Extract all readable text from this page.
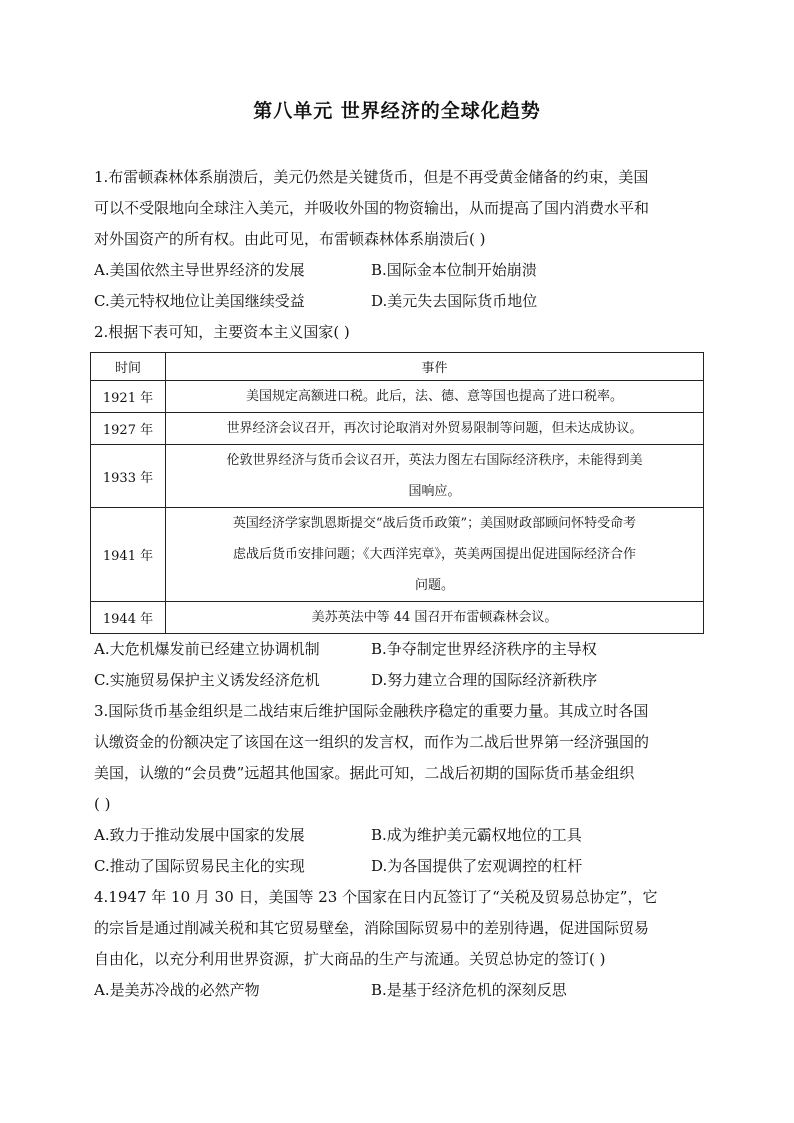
第八单元 世界经济的全球化趋势
1.布雷顿森林体系崩溃后，美元仍然是关键货币，但是不再受黄金储备的约束，美国
可以不受限地向全球注入美元，并吸收外国的物资输出，从而提高了国内消费水平和
对外国资产的所有权。由此可见，布雷顿森林体系崩溃后( )
A.美国依然主导世界经济的发展	B.国际金本位制开始崩溃
C.美元特权地位让美国继续受益	D.美元失去国际货币地位
2.根据下表可知，主要资本主义国家( )
时间	事件
1921 年	美国规定高额进口税。此后，法、德、意等国也提高了进口税率。

1927 年	世界经济会议召开，再次讨论取消对外贸易限制等问题，但未达成协议。

1933 年	伦敦世界经济与货币会议召开，英法力图左右国际经济秩序，未能得到美
国响应。

1941 年	英国经济学家凯恩斯提交“战后货币政策”；美国财政部顾问怀特受命考
虑战后货币安排问题；《大西洋宪章》，英美两国提出促进国际经济合作
问题。

1944 年	美苏英法中等 44 国召开布雷顿森林会议。
A.大危机爆发前已经建立协调机制	B.争夺制定世界经济秩序的主导权
C.实施贸易保护主义诱发经济危机	D.努力建立合理的国际经济新秩序
3.国际货币基金组织是二战结束后维护国际金融秩序稳定的重要力量。其成立时各国
认缴资金的份额决定了该国在这一组织的发言权，而作为二战后世界第一经济强国的
美国，认缴的“会员费”远超其他国家。据此可知，二战后初期的国际货币基金组织
( )
A.致力于推动发展中国家的发展	B.成为维护美元霸权地位的工具
C.推动了国际贸易民主化的实现	D.为各国提供了宏观调控的杠杆
4.1947 年 10 月 30 日，美国等 23 个国家在日内瓦签订了“关税及贸易总协定”，它
的宗旨是通过削减关税和其它贸易壁垒，消除国际贸易中的差别待遇，促进国际贸易
自由化，以充分利用世界资源，扩大商品的生产与流通。关贸总协定的签订( )
A.是美苏冷战的必然产物	B.是基于经济危机的深刻反思
